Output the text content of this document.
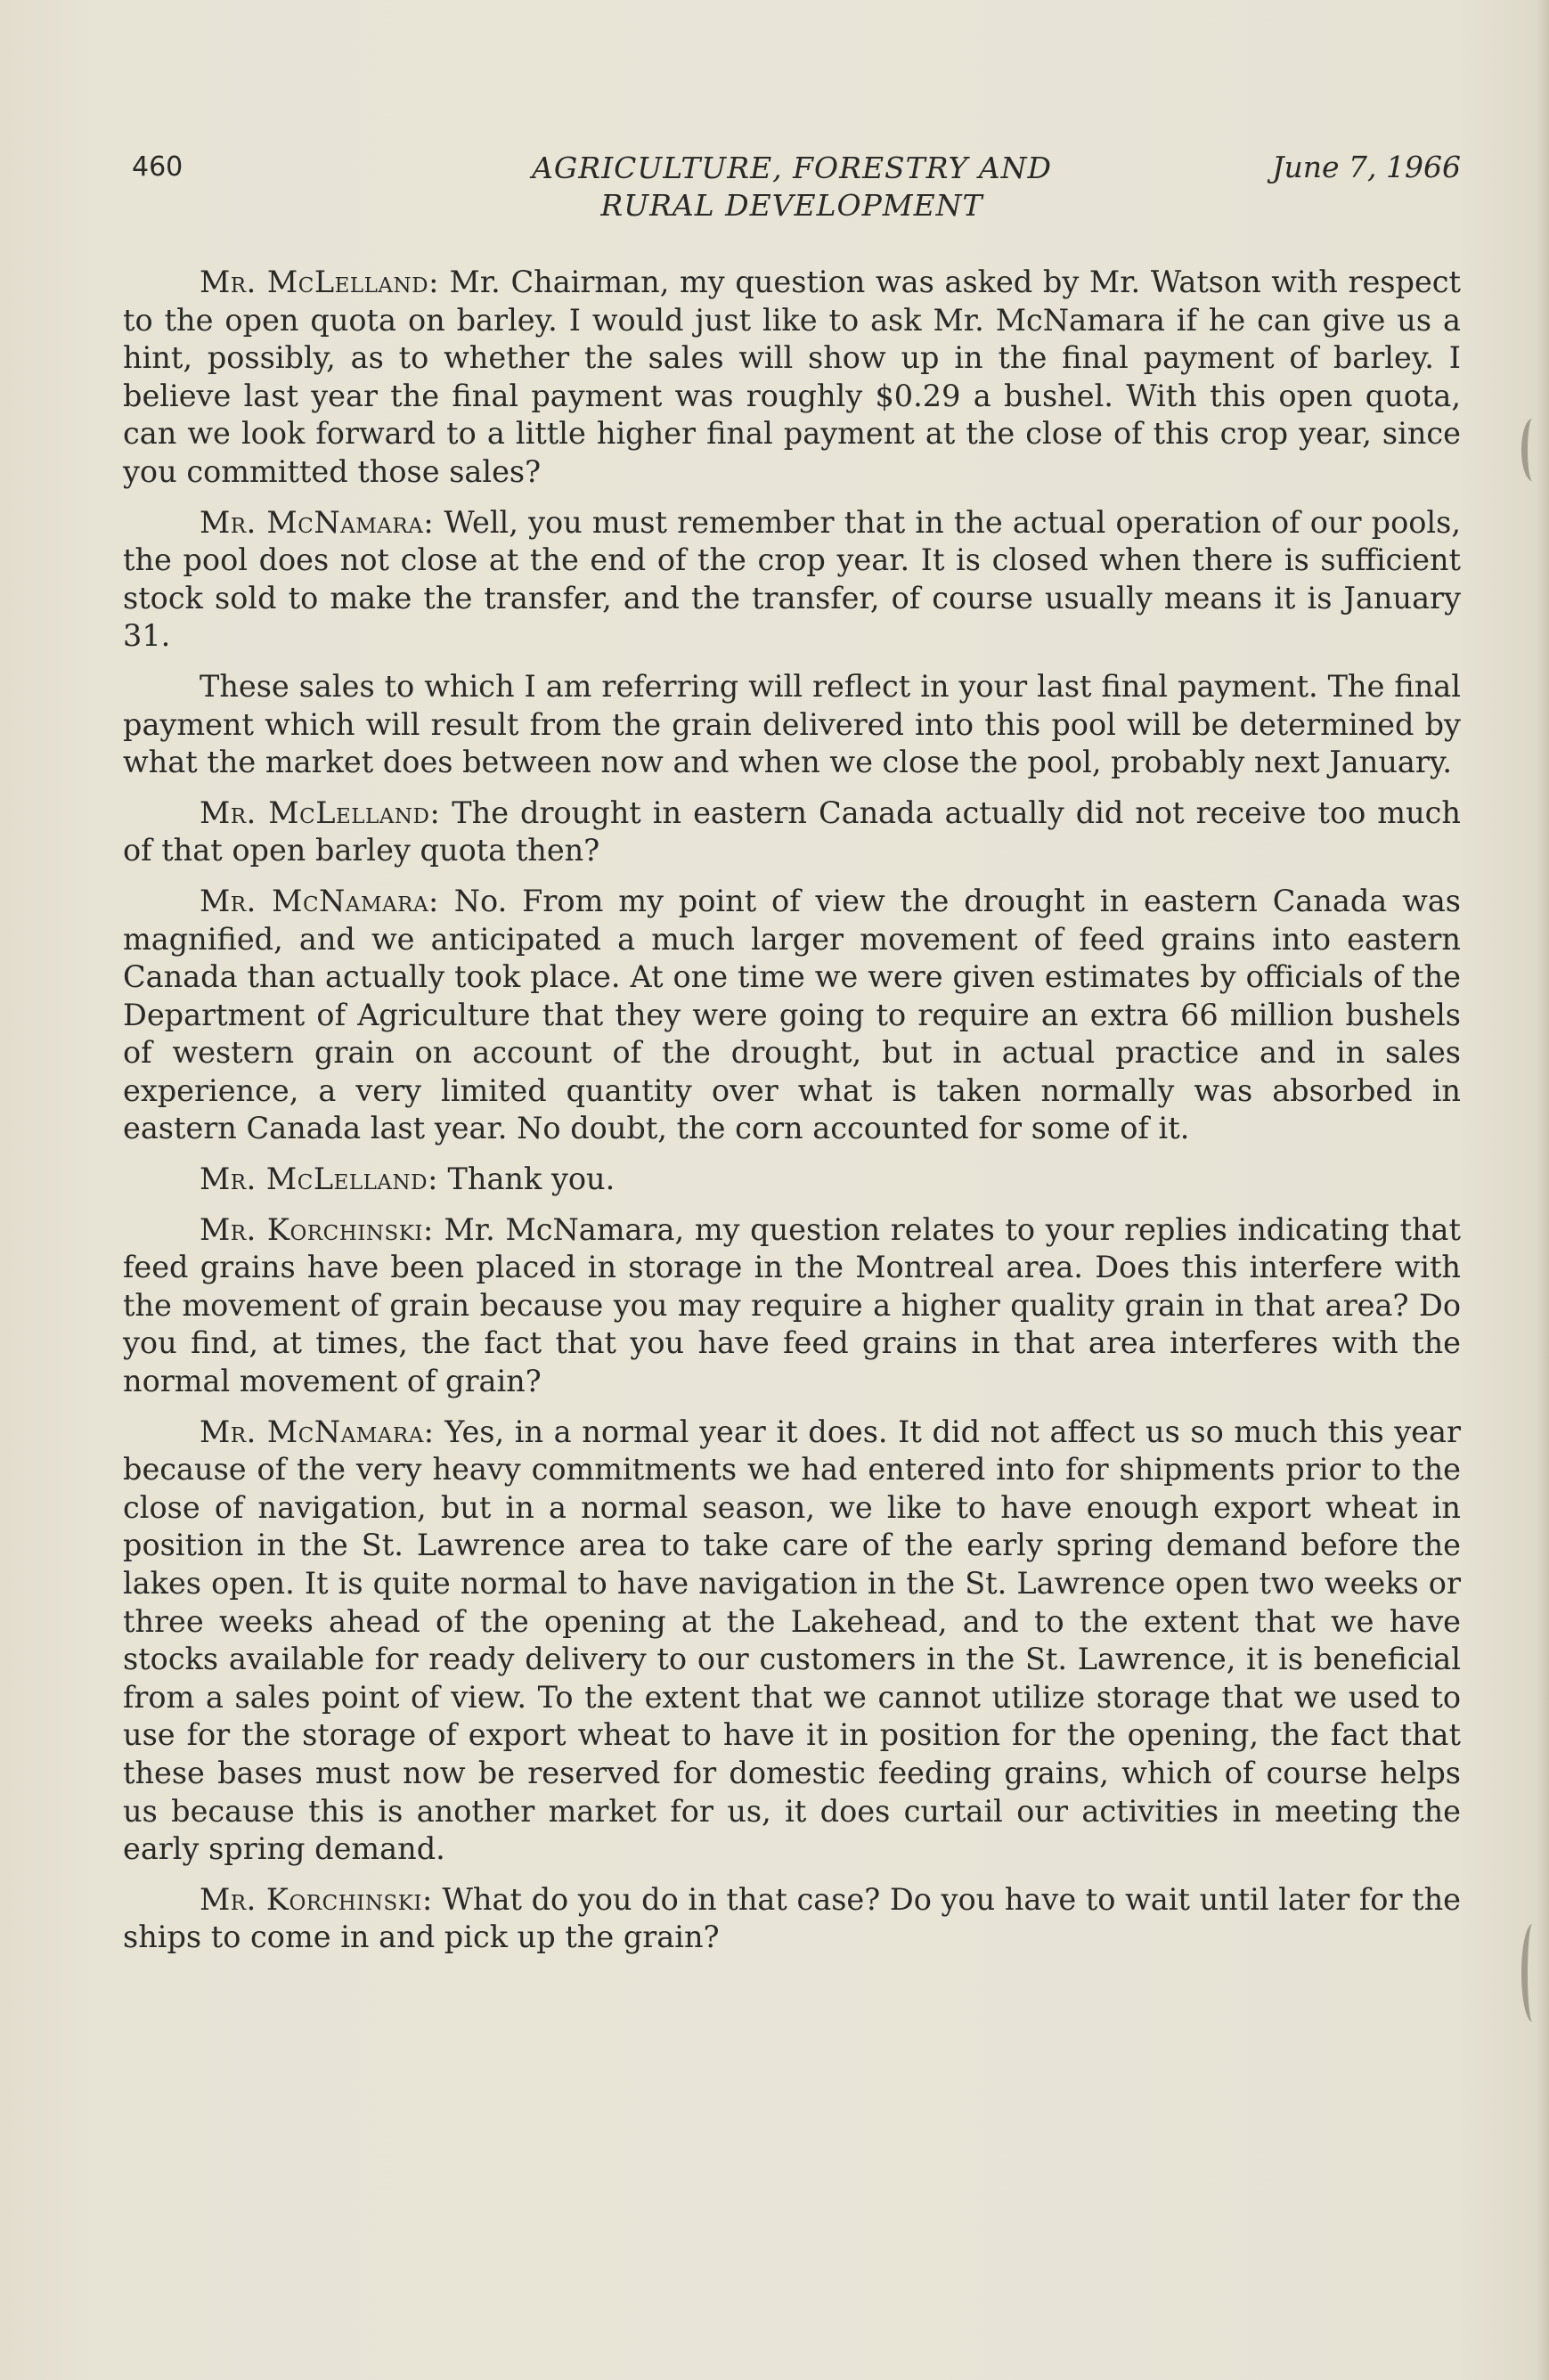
460	AGRICULTURE, FORESTRY AND
RURAL DEVELOPMENT
June 7, 1966

Mr. McLelland: Mr. Chairman, my question was asked by Mr. Watson with respect to the open quota on barley. I would just like to ask Mr. McNamara if he can give us a hint, possibly, as to whether the sales will show up in the final payment of barley. I believe last year the final payment was roughly $0.29 a bushel. With this open quota, can we look forward to a little higher final payment at the close of this crop year, since you committed those sales?

Mr. McNamara: Well, you must remember that in the actual operation of our pools, the pool does not close at the end of the crop year. It is closed when there is sufficient stock sold to make the transfer, and the transfer, of course usually means it is January 31.

These sales to which I am referring will reflect in your last final payment. The final payment which will result from the grain delivered into this pool will be determined by what the market does between now and when we close the pool, probably next January.

Mr. McLelland: The drought in eastern Canada actually did not receive too much of that open barley quota then?

Mr. McNamara: No. From my point of view the drought in eastern Canada was magnified, and we anticipated a much larger movement of feed grains into eastern Canada than actually took place. At one time we were given estimates by officials of the Department of Agriculture that they were going to require an extra 66 million bushels of western grain on account of the drought, but in actual practice and in sales experience, a very limited quantity over what is taken normally was absorbed in eastern Canada last year. No doubt, the corn accounted for some of it.

Mr. McLelland: Thank you.

Mr. Korchinski: Mr. McNamara, my question relates to your replies indicating that feed grains have been placed in storage in the Montreal area. Does this interfere with the movement of grain because you may require a higher quality grain in that area? Do you find, at times, the fact that you have feed grains in that area interferes with the normal movement of grain?

Mr. McNamara: Yes, in a normal year it does. It did not affect us so much this year because of the very heavy commitments we had entered into for shipments prior to the close of navigation, but in a normal season, we like to have enough export wheat in position in the St. Lawrence area to take care of the early spring demand before the lakes open. It is quite normal to have navigation in the St. Lawrence open two weeks or three weeks ahead of the opening at the Lakehead, and to the extent that we have stocks available for ready delivery to our customers in the St. Lawrence, it is beneficial from a sales point of view. To the extent that we cannot utilize storage that we used to use for the storage of export wheat to have it in position for the opening, the fact that these bases must now be reserved for domestic feeding grains, which of course helps us because this is another market for us, it does curtail our activities in meeting the early spring demand.

Mr. Korchinski: What do you do in that case? Do you have to wait until later for the ships to come in and pick up the grain?
